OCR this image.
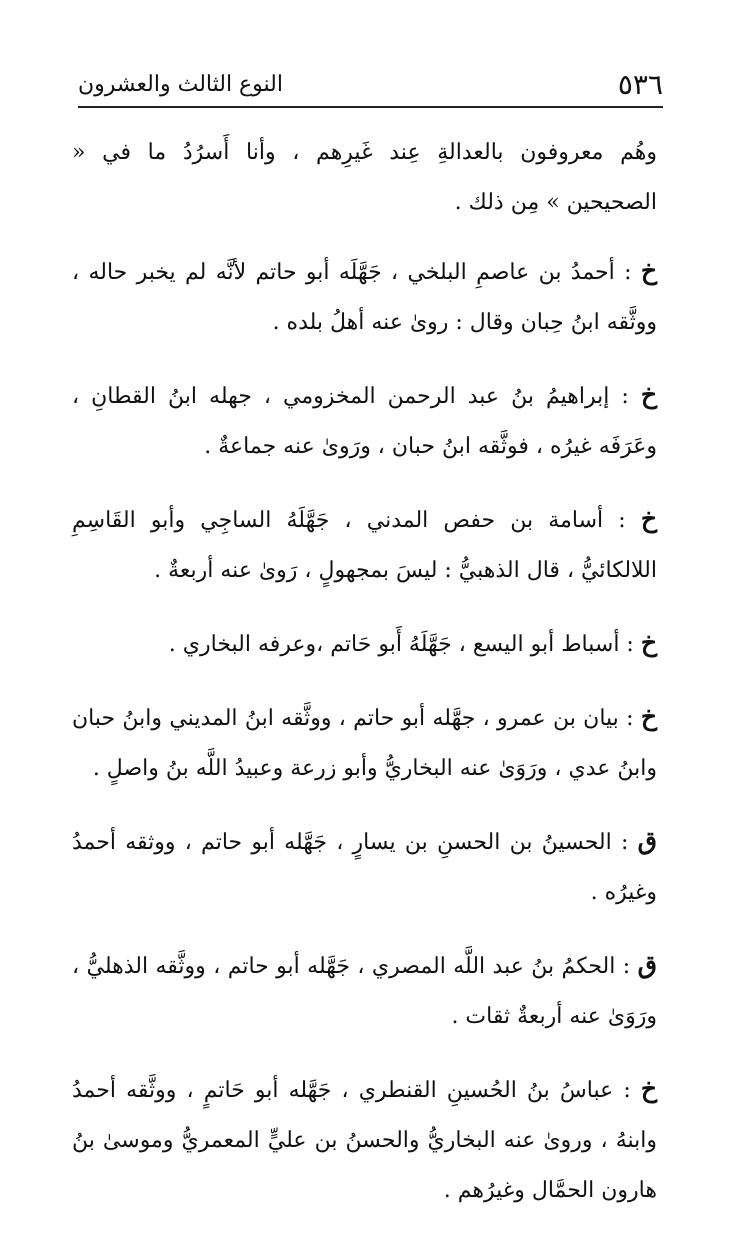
٥٣٦
النوع الثالث والعشرون

وهُم معروفون بالعدالةِ عِند غَيرِهم ، وأنا أَسرُدُ ما في « الصحيحين » مِن ذلك .

خ : أحمدُ بن عاصمِ البلخي ، جَهَّلَه أبو حاتم لأنَّه لم يخبر حاله ، ووثَّقه ابنُ حِبان وقال : روىٰ عنه أهلُ بلده .

خ : إبراهيمُ بنُ عبد الرحمن المخزومي ، جهله ابنُ القطانِ ، وعَرَفَه غيرُه ، فوثَّقه ابنُ حبان ، ورَوىٰ عنه جماعةٌ .

خ : أسامة بن حفص المدني ، جَهَّلَهُ الساجِي وأبو القَاسِمِ اللالكائيُّ ، قال الذهبيُّ : ليسَ بمجهولٍ ، رَوىٰ عنه أربعةٌ .

خ : أسباط أبو اليسع ، جَهَّلَهُ أَبو حَاتم ،وعرفه البخاري .

خ : بيان بن عمرو ، جهَّله أبو حاتم ، ووثَّقه ابنُ المديني وابنُ حبان وابنُ عدي ، ورَوَىٰ عنه البخاريُّ وأبو زرعة وعبيدُ اللَّه بنُ واصلٍ .

ق : الحسينُ بن الحسنِ بن يسارٍ ، جَهَّله أبو حاتم ، ووثقه أحمدُ وغيرُه .

ق : الحكمُ بنُ عبد اللَّه المصري ، جَهَّله أبو حاتم ، ووثَّقه الذهليُّ ، ورَوَىٰ عنه أربعةٌ ثقات .

خ : عباسُ بنُ الحُسينِ القنطري ، جَهَّله أبو حَاتمٍ ، ووثَّقه أحمدُ وابنهُ ، وروىٰ عنه البخاريُّ والحسنُ بن عليٍّ المعمريُّ وموسىٰ بنُ هارون الحمَّال وغيرُهم .
